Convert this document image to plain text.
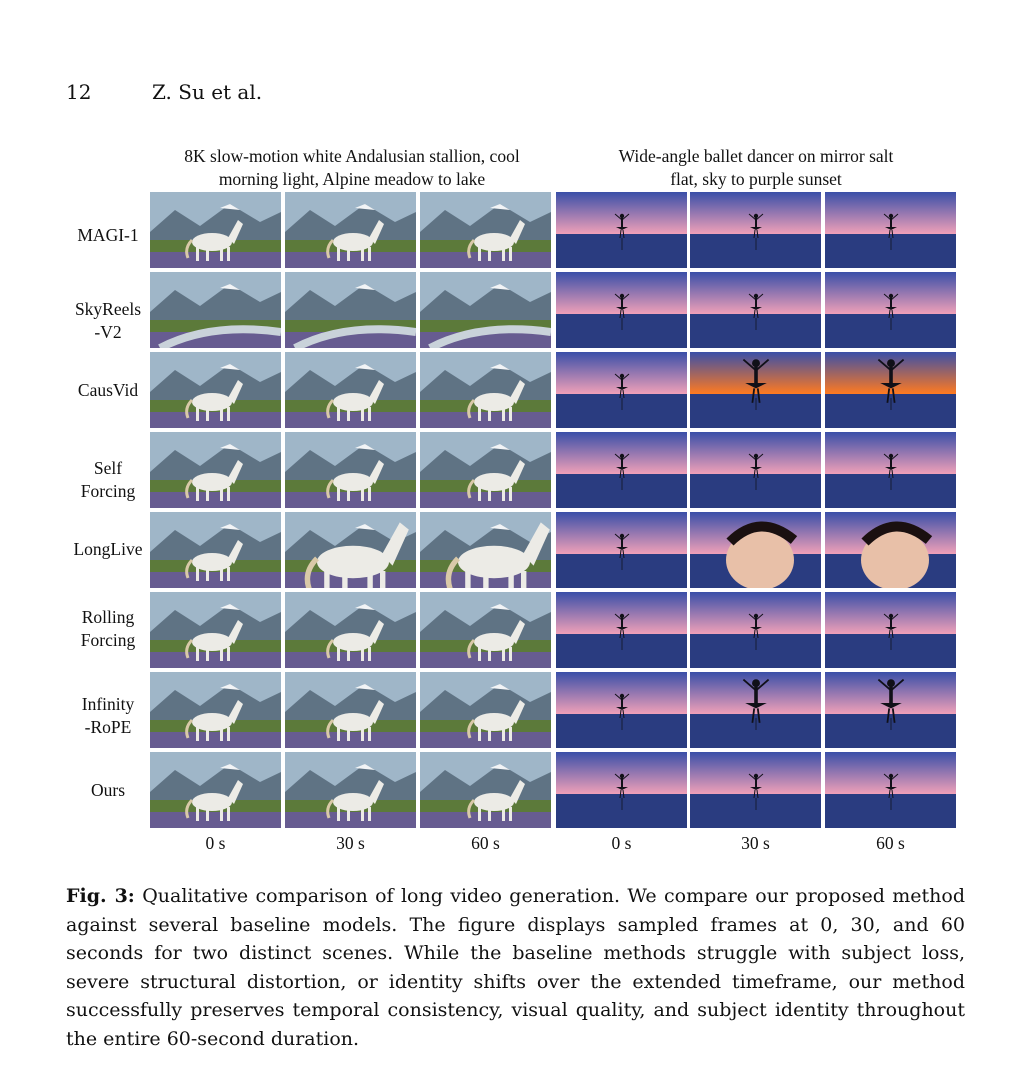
12	Z. Su et al.
8K slow-motion white Andalusian stallion, cool
morning light, Alpine meadow to lake
Wide-angle ballet dancer on mirror salt
flat, sky to purple sunset
MAGI-1
SkyReels
-V2
CausVid
Self
Forcing
LongLive
Rolling
Forcing
Infinity
-RoPE
Ours
0 s	30 s	60 s	0 s	30 s	60 s
Fig. 3: Qualitative comparison of long video generation. We compare our proposed method against several baseline models. The figure displays sampled frames at 0, 30, and 60 seconds for two distinct scenes. While the baseline methods struggle with subject loss, severe structural distortion, or identity shifts over the extended timeframe, our method successfully preserves temporal consistency, visual quality, and subject identity throughout the entire 60-second duration.
